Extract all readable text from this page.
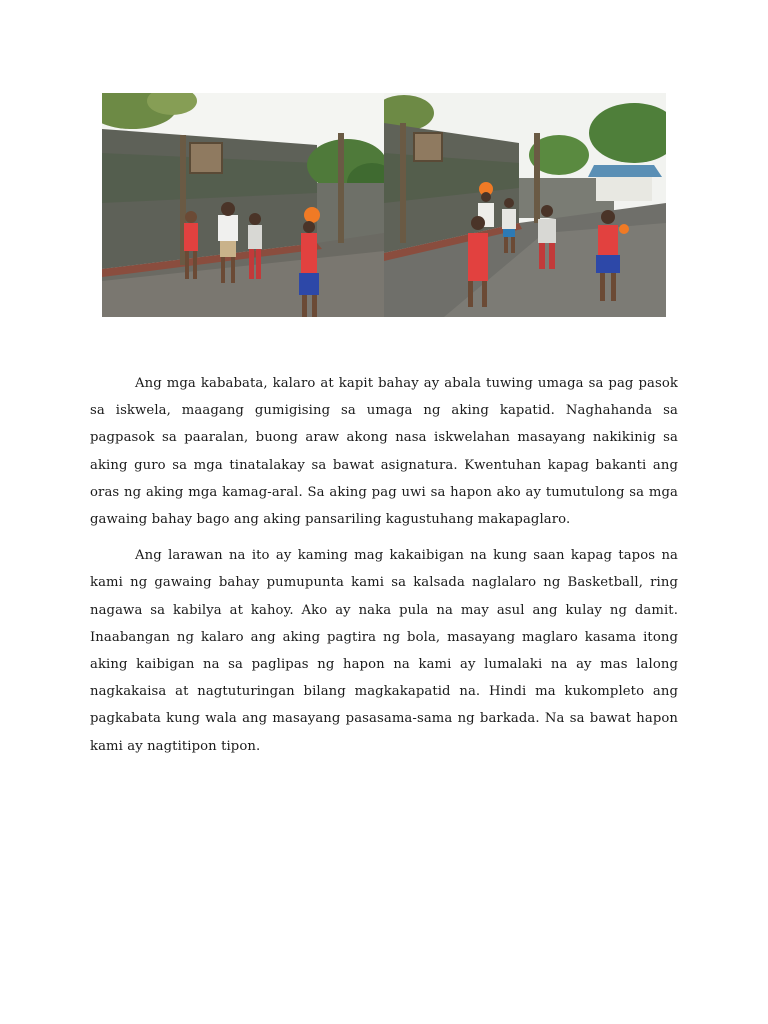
Ang mga kababata, kalaro at kapit bahay ay abala tuwing umaga sa pag pasok sa iskwela, maagang gumigising sa umaga ng aking kapatid. Naghahanda sa pagpasok sa paaralan, buong araw akong nasa iskwelahan masayang nakikinig sa aking guro sa mga tinatalakay sa bawat asignatura. Kwentuhan kapag bakanti ang oras ng aking mga kamag-aral. Sa aking pag uwi sa hapon ako ay tumutulong sa mga gawaing bahay bago ang aking pansariling kagustuhang makapaglaro.

Ang larawan na ito ay kaming mag kakaibigan na kung saan kapag tapos na kami ng gawaing bahay pumupunta kami sa kalsada naglalaro ng Basketball, ring nagawa sa kabilya at kahoy. Ako ay naka pula na may asul ang kulay ng damit. Inaabangan ng kalaro ang aking pagtira ng bola, masayang maglaro kasama itong aking kaibigan na sa paglipas ng hapon na kami ay lumalaki na ay mas lalong nagkakaisa at nagtuturingan bilang magkakapatid na. Hindi ma kukompleto ang pagkabata kung wala ang masayang pasasama-sama ng barkada. Na sa bawat hapon kami ay nagtitipon tipon.
